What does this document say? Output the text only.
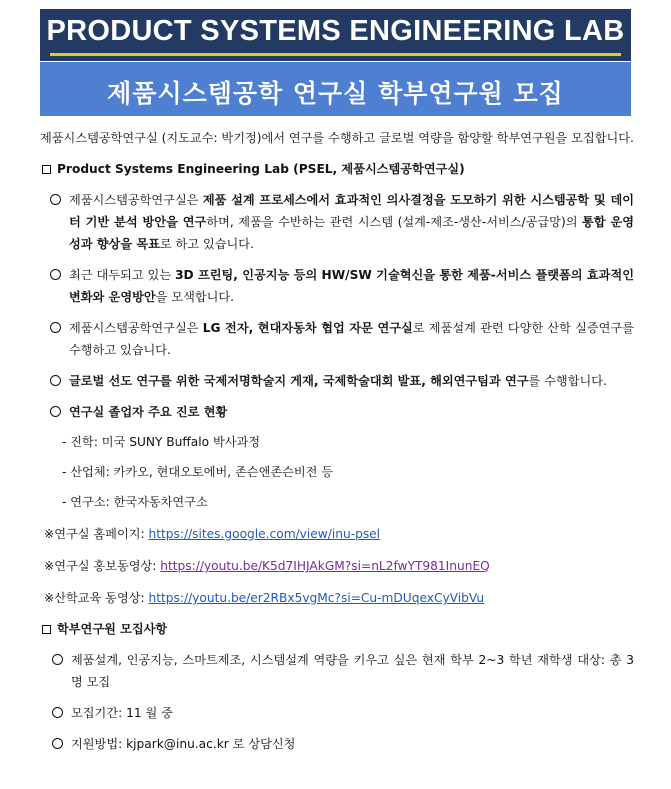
PRODUCT SYSTEMS ENGINEERING LAB
제품시스템공학 연구실 학부연구원 모집
제품시스템공학연구실 (지도교수: 박기정)에서 연구를 수행하고 글로벌 역량을 함양할 학부연구원을 모집합니다.
Product Systems Engineering Lab (PSEL, 제품시스템공학연구실)
제품시스템공학연구실은 제품 설계 프로세스에서 효과적인 의사결정을 도모하기 위한 시스템공학 및 데이터 기반 분석 방안을 연구하며, 제품을 수반하는 관련 시스템 (설계-제조-생산-서비스/공급망)의 통합 운영성과 향상을 목표로 하고 있습니다.
최근 대두되고 있는 3D 프린팅, 인공지능 등의 HW/SW 기술혁신을 통한 제품-서비스 플랫폼의 효과적인 변화와 운영방안을 모색합니다.
제품시스템공학연구실은 LG 전자, 현대자동차 협업 자문 연구실로 제품설계 관련 다양한 산학 실증연구를 수행하고 있습니다.
글로벌 선도 연구를 위한 국제저명학술지 게재, 국제학술대회 발표, 해외연구팀과 연구를 수행합니다.
연구실 졸업자 주요 진로 현황
- 진학: 미국 SUNY Buffalo 박사과정
- 산업체: 카카오, 현대오토에버, 존슨앤존슨비전 등
- 연구소: 한국자동차연구소
※연구실 홈페이지: https://sites.google.com/view/inu-psel
※연구실 홍보동영상: https://youtu.be/K5d7IHJAkGM?si=nL2fwYT981InunEQ
※산학교육 동영상: https://youtu.be/er2RBx5vgMc?si=Cu-mDUqexCyVibVu
학부연구원 모집사항
제품설계, 인공지능, 스마트제조, 시스템설계 역량을 키우고 싶은 현재 학부 2~3 학년 재학생 대상: 총 3 명 모집
모집기간: 11 월 중
지원방법: kjpark@inu.ac.kr 로 상담신청
